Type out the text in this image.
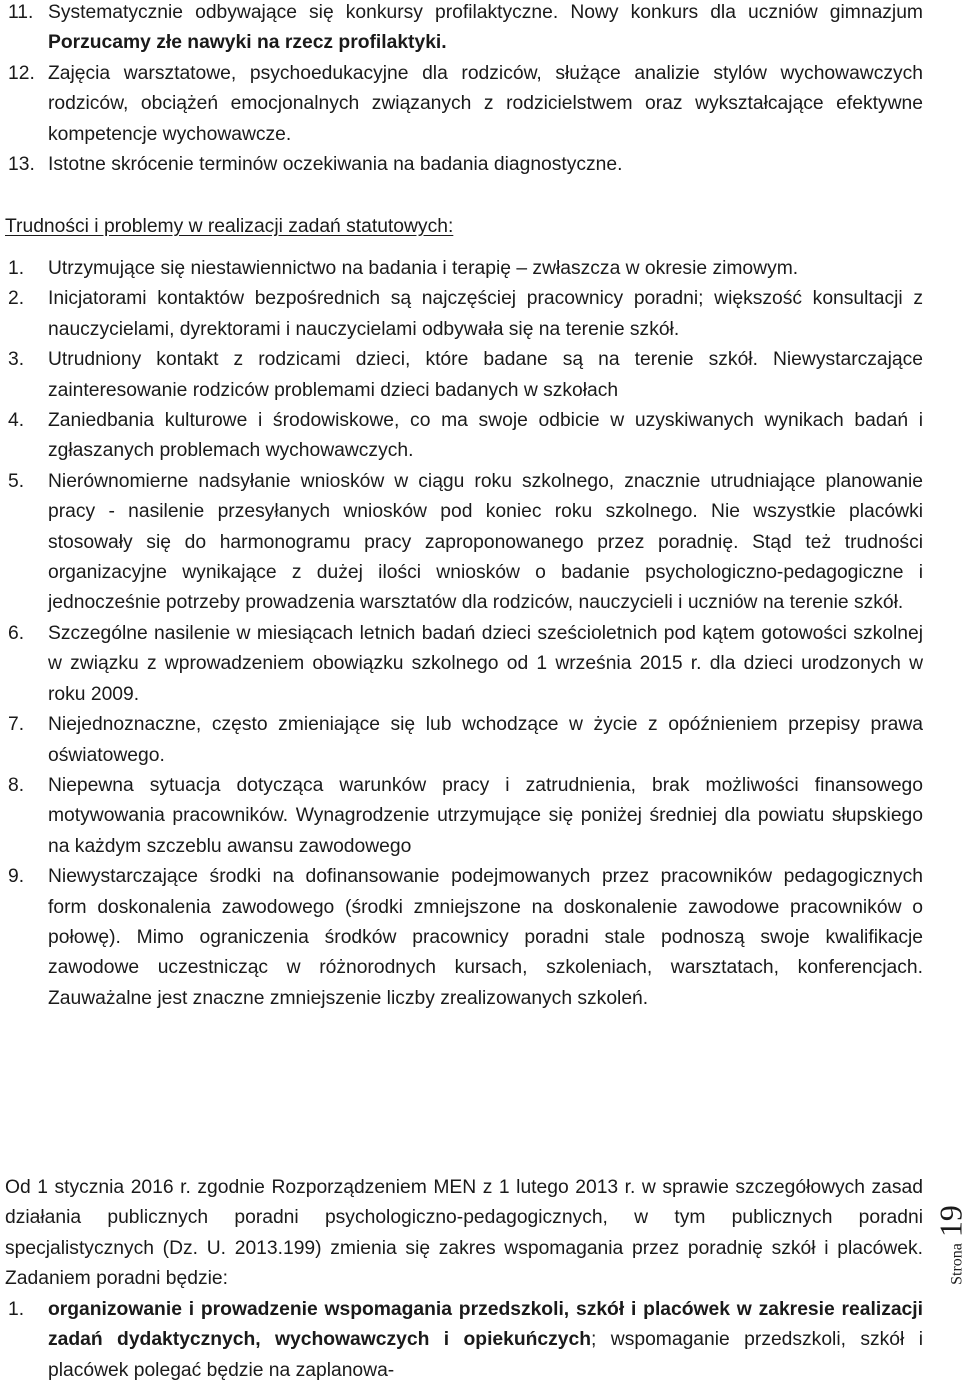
11. Systematycznie odbywające się konkursy profilaktyczne. Nowy konkurs dla uczniów gimnazjum Porzucamy złe nawyki na rzecz profilaktyki.
12. Zajęcia warsztatowe, psychoedukacyjne dla rodziców, służące analizie stylów wychowawczych rodziców, obciążeń emocjonalnych związanych z rodzicielstwem oraz wykształcające efektywne kompetencje wychowawcze.
13. Istotne skrócenie terminów oczekiwania na badania diagnostyczne.
Trudności i problemy w realizacji zadań statutowych:
1. Utrzymujące się niestawiennictwo na badania i terapię – zwłaszcza w okresie zimowym.
2. Inicjatorami kontaktów bezpośrednich są najczęściej pracownicy poradni; większość konsultacji z nauczycielami, dyrektorami i nauczycielami odbywała się na terenie szkół.
3. Utrudniony kontakt z rodzicami dzieci, które badane są na terenie szkół. Niewystarczające zainteresowanie rodziców problemami dzieci badanych w szkołach
4. Zaniedbania kulturowe i środowiskowe, co ma swoje odbicie w uzyskiwanych wynikach badań i zgłaszanych problemach wychowawczych.
5. Nierównomierne nadsyłanie wniosków w ciągu roku szkolnego, znacznie utrudniające planowanie pracy - nasilenie przesyłanych wniosków pod koniec roku szkolnego. Nie wszystkie placówki stosowały się do harmonogramu pracy zaproponowanego przez poradnię. Stąd też trudności organizacyjne wynikające z dużej ilości wniosków o badanie psychologiczno-pedagogiczne i jednocześnie potrzeby prowadzenia warsztatów dla rodziców, nauczycieli i uczniów na terenie szkół.
6. Szczególne nasilenie w miesiącach letnich badań dzieci sześcioletnich pod kątem gotowości szkolnej w związku z wprowadzeniem obowiązku szkolnego od 1 września 2015 r. dla dzieci urodzonych w roku 2009.
7. Niejednoznaczne, często zmieniające się lub wchodzące w życie z opóźnieniem przepisy prawa oświatowego.
8. Niepewna sytuacja dotycząca warunków pracy i zatrudnienia, brak możliwości finansowego motywowania pracowników. Wynagrodzenie utrzymujące się poniżej średniej dla powiatu słupskiego na każdym szczeblu awansu zawodowego
9. Niewystarczające środki na dofinansowanie podejmowanych przez pracowników pedagogicznych form doskonalenia zawodowego (środki zmniejszone na doskonalenie zawodowe pracowników o połowę). Mimo ograniczenia środków pracownicy poradni stale podnoszą swoje kwalifikacje zawodowe uczestnicząc w różnorodnych kursach, szkoleniach, warsztatach, konferencjach. Zauważalne jest znaczne zmniejszenie liczby zrealizowanych szkoleń.
Od 1 stycznia 2016 r. zgodnie Rozporządzeniem MEN z 1 lutego 2013 r. w sprawie szczegółowych zasad działania publicznych poradni psychologiczno-pedagogicznych, w tym publicznych poradni specjalistycznych (Dz. U. 2013.199) zmienia się zakres wspomagania przez poradnię szkół i placówek. Zadaniem poradni będzie:
1. organizowanie i prowadzenie wspomagania przedszkoli, szkół i placówek w zakresie realizacji zadań dydaktycznych, wychowawczych i opiekuńczych; wspomaganie przedszkoli, szkół i placówek polegać będzie na zaplanowa-
Strona19
